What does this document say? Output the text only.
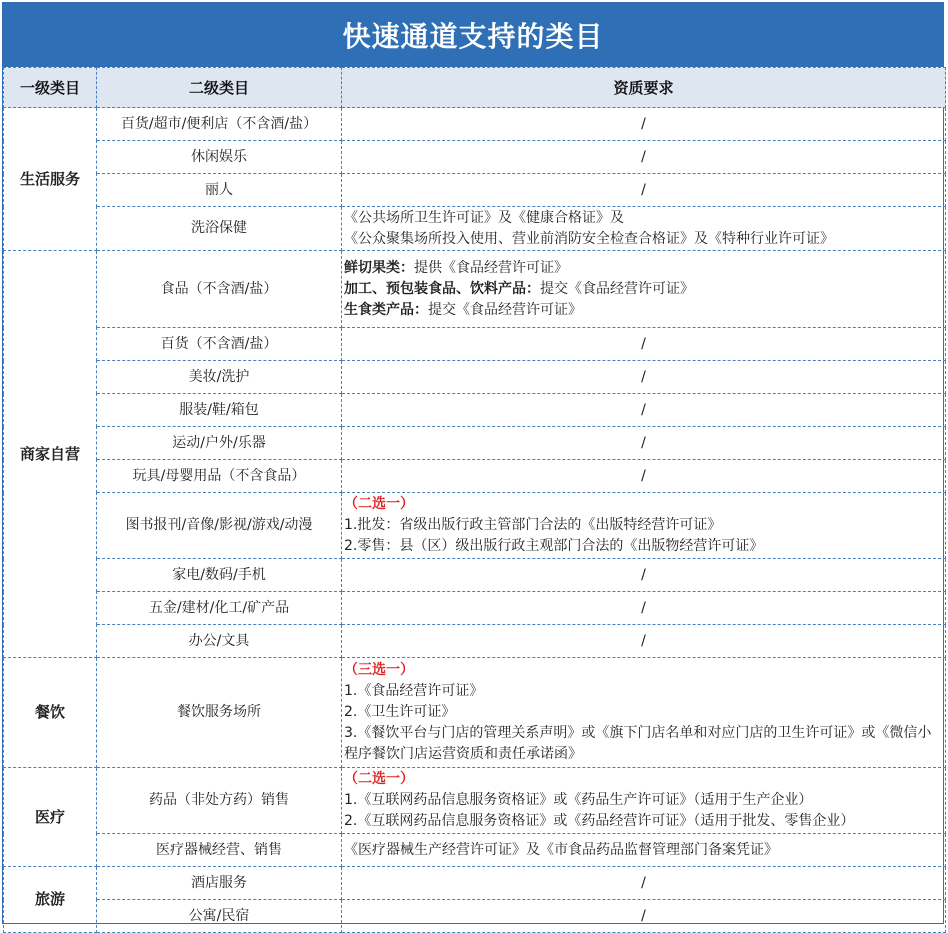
快速通道支持的类目
一级类目	二级类目	资质要求
生活服务	百货/超市/便利店（不含酒/盐）	/
	休闲娱乐	/
	丽人	/
	洗浴保健	《公共场所卫生许可证》及《健康合格证》及
《公众聚集场所投入使用、营业前消防安全检查合格证》及《特种行业许可证》

商家自营	食品（不含酒/盐）	鲜切果类：提供《食品经营许可证》
加工、预包装食品、饮料产品：提交《食品经营许可证》
生食类产品：提交《食品经营许可证》

	百货（不含酒/盐）	/
	美妆/洗护	/
	服装/鞋/箱包	/
	运动/户外/乐器	/
	玩具/母婴用品（不含食品）	/
	图书报刊/音像/影视/游戏/动漫	（二选一）
1.批发：省级出版行政主管部门合法的《出版特经营许可证》
2.零售：县（区）级出版行政主观部门合法的《出版物经营许可证》

	家电/数码/手机	/
	五金/建材/化工/矿产品	/
	办公/文具	/
餐饮	餐饮服务场所	（三选一）
1.《食品经营许可证》
2.《卫生许可证》
3.《餐饮平台与门店的管理关系声明》或《旗下门店名单和对应门店的卫生许可证》或《微信小程序餐饮门店运营资质和责任承诺函》

医疗	药品（非处方药）销售	（二选一）
1.《互联网药品信息服务资格证》或《药品生产许可证》（适用于生产企业）
2.《互联网药品信息服务资格证》或《药品经营许可证》（适用于批发、零售企业）

	医疗器械经营、销售	《医疗器械生产经营许可证》及《市食品药品监督管理部门备案凭证》

旅游	酒店服务	/
	公寓/民宿	/
